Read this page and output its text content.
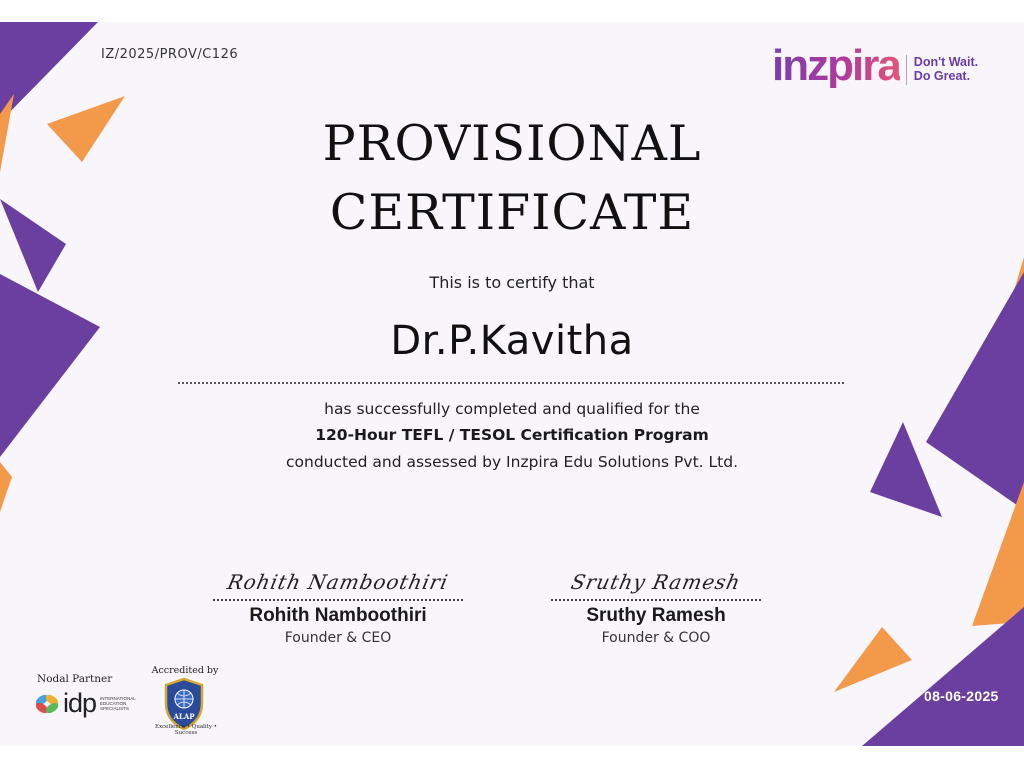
IZ/2025/PROV/C126	inzpira Don't Wait.
Do Great.
PROVISIONAL
CERTIFICATE
This is to certify that
Dr.P.Kavitha
has successfully completed and qualified for the
120-Hour TEFL / TESOL Certification Program
conducted and assessed by Inzpira Edu Solutions Pvt. Ltd.
Rohith Namboothiri
Rohith Namboothiri
Founder & CEO
Sruthy Ramesh
Sruthy Ramesh
Founder & COO
Nodal Partner
idp INTERNATIONAL EDUCATION SPECIALISTS
Accredited by
ALAP
Excellence • Quality • Success
08-06-2025
